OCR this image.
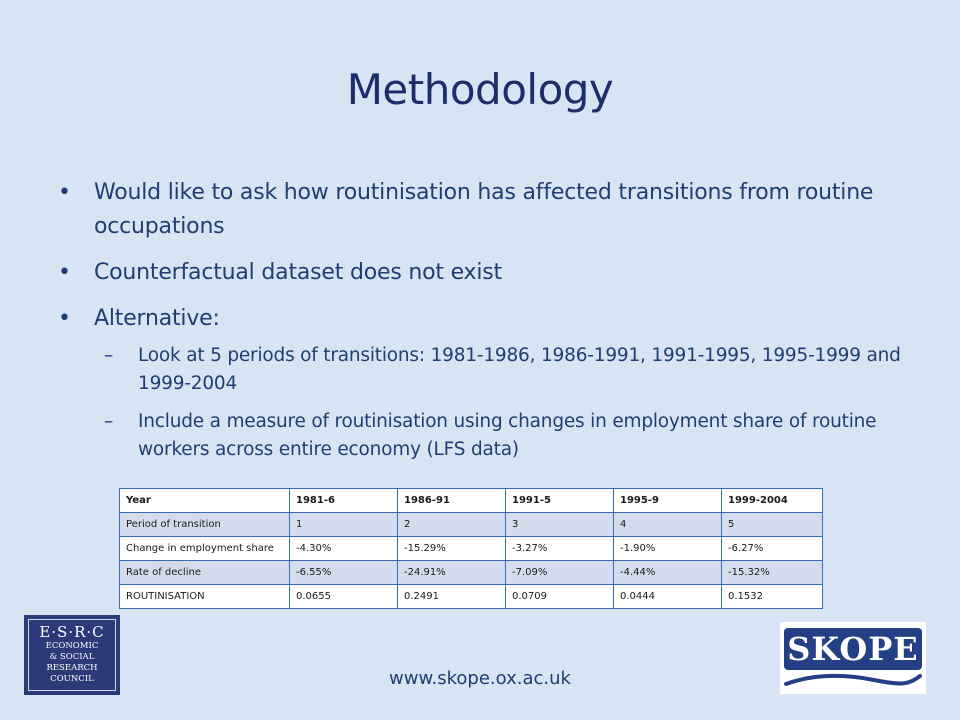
Methodology
• Would like to ask how routinisation has affected transitions from routine occupations
• Counterfactual dataset does not exist
• Alternative:
– Look at 5 periods of transitions: 1981-1986, 1986-1991, 1991-1995, 1995-1999 and 1999-2004
– Include a measure of routinisation using changes in employment share of routine workers across entire economy (LFS data)
Year	1981-6	1986-91	1991-5	1995-9	1999-2004
Period of transition	1	2	3	4	5
Change in employment share	-4.30%	-15.29%	-3.27%	-1.90%	-6.27%
Rate of decline	-6.55%	-24.91%	-7.09%	-4.44%	-15.32%
ROUTINISATION	0.0655	0.2491	0.0709	0.0444	0.1532
E·S·R·C
ECONOMIC
& SOCIAL
RESEARCH
COUNCIL	www.skope.ox.ac.uk
SKOPE
